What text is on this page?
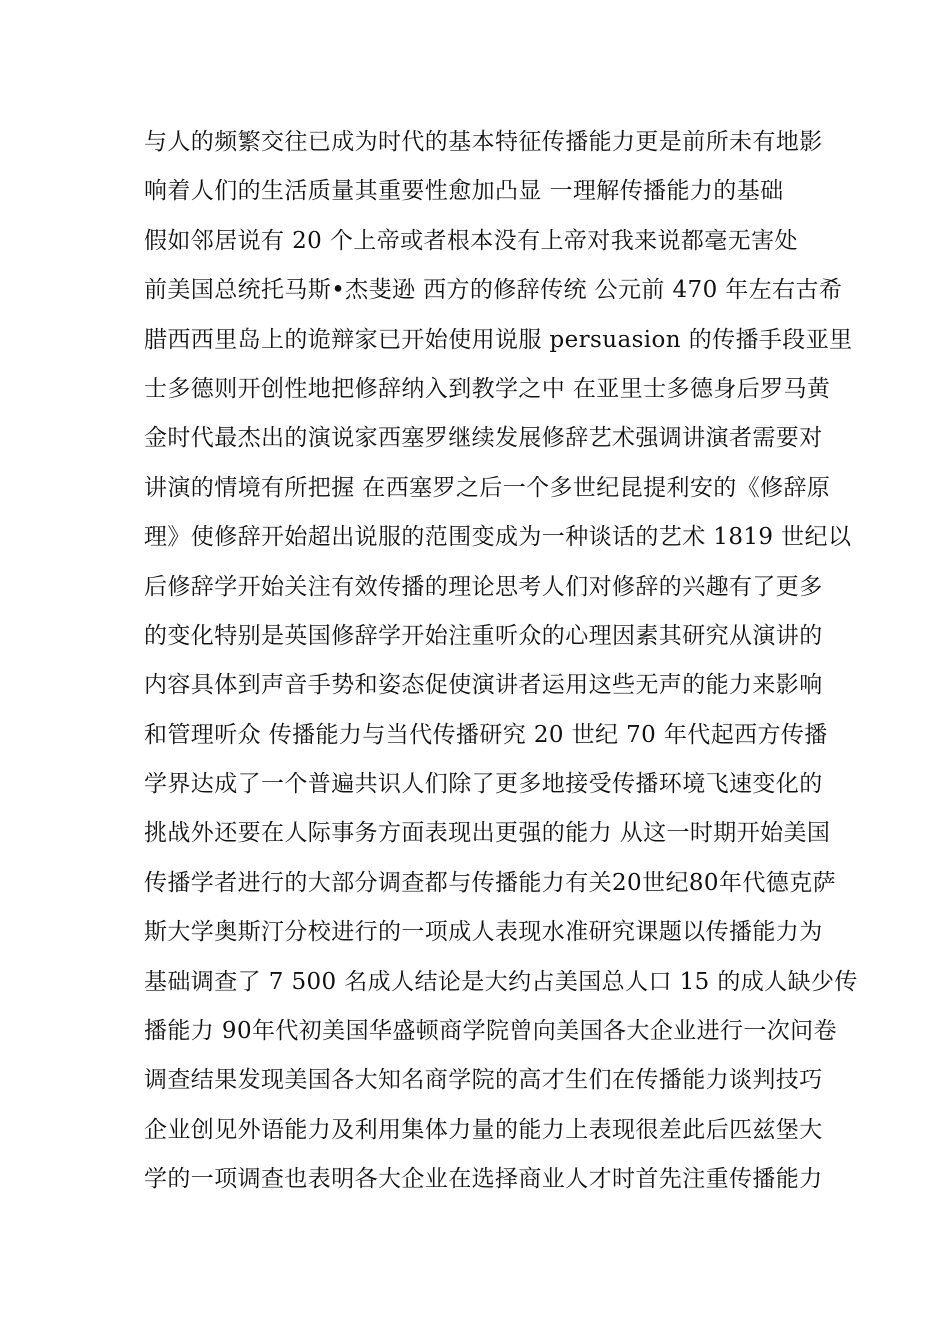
与人的频繁交往已成为时代的基本特征传播能力更是前所未有地影
响着人们的生活质量其重要性愈加凸显 一理解传播能力的基础
假如邻居说有 20 个上帝或者根本没有上帝对我来说都毫无害处
前美国总统托马斯•杰斐逊 西方的修辞传统 公元前 470 年左右古希
腊西西里岛上的诡辩家已开始使用说服 persuasion 的传播手段亚里
士多德则开创性地把修辞纳入到教学之中 在亚里士多德身后罗马黄
金时代最杰出的演说家西塞罗继续发展修辞艺术强调讲演者需要对
讲演的情境有所把握 在西塞罗之后一个多世纪昆提利安的《修辞原
理》使修辞开始超出说服的范围变成为一种谈话的艺术 1819 世纪以
后修辞学开始关注有效传播的理论思考人们对修辞的兴趣有了更多
的变化特别是英国修辞学开始注重听众的心理因素其研究从演讲的
内容具体到声音手势和姿态促使演讲者运用这些无声的能力来影响
和管理听众 传播能力与当代传播研究 20 世纪 70 年代起西方传播
学界达成了一个普遍共识人们除了更多地接受传播环境飞速变化的
挑战外还要在人际事务方面表现出更强的能力 从这一时期开始美国
传播学者进行的大部分调查都与传播能力有关20世纪80年代德克萨
斯大学奥斯汀分校进行的一项成人表现水准研究课题以传播能力为
基础调查了 7 500 名成人结论是大约占美国总人口 15 的成人缺少传
播能力 90年代初美国华盛顿商学院曾向美国各大企业进行一次问卷
调查结果发现美国各大知名商学院的高才生们在传播能力谈判技巧
企业创见外语能力及利用集体力量的能力上表现很差此后匹兹堡大
学的一项调查也表明各大企业在选择商业人才时首先注重传播能力
